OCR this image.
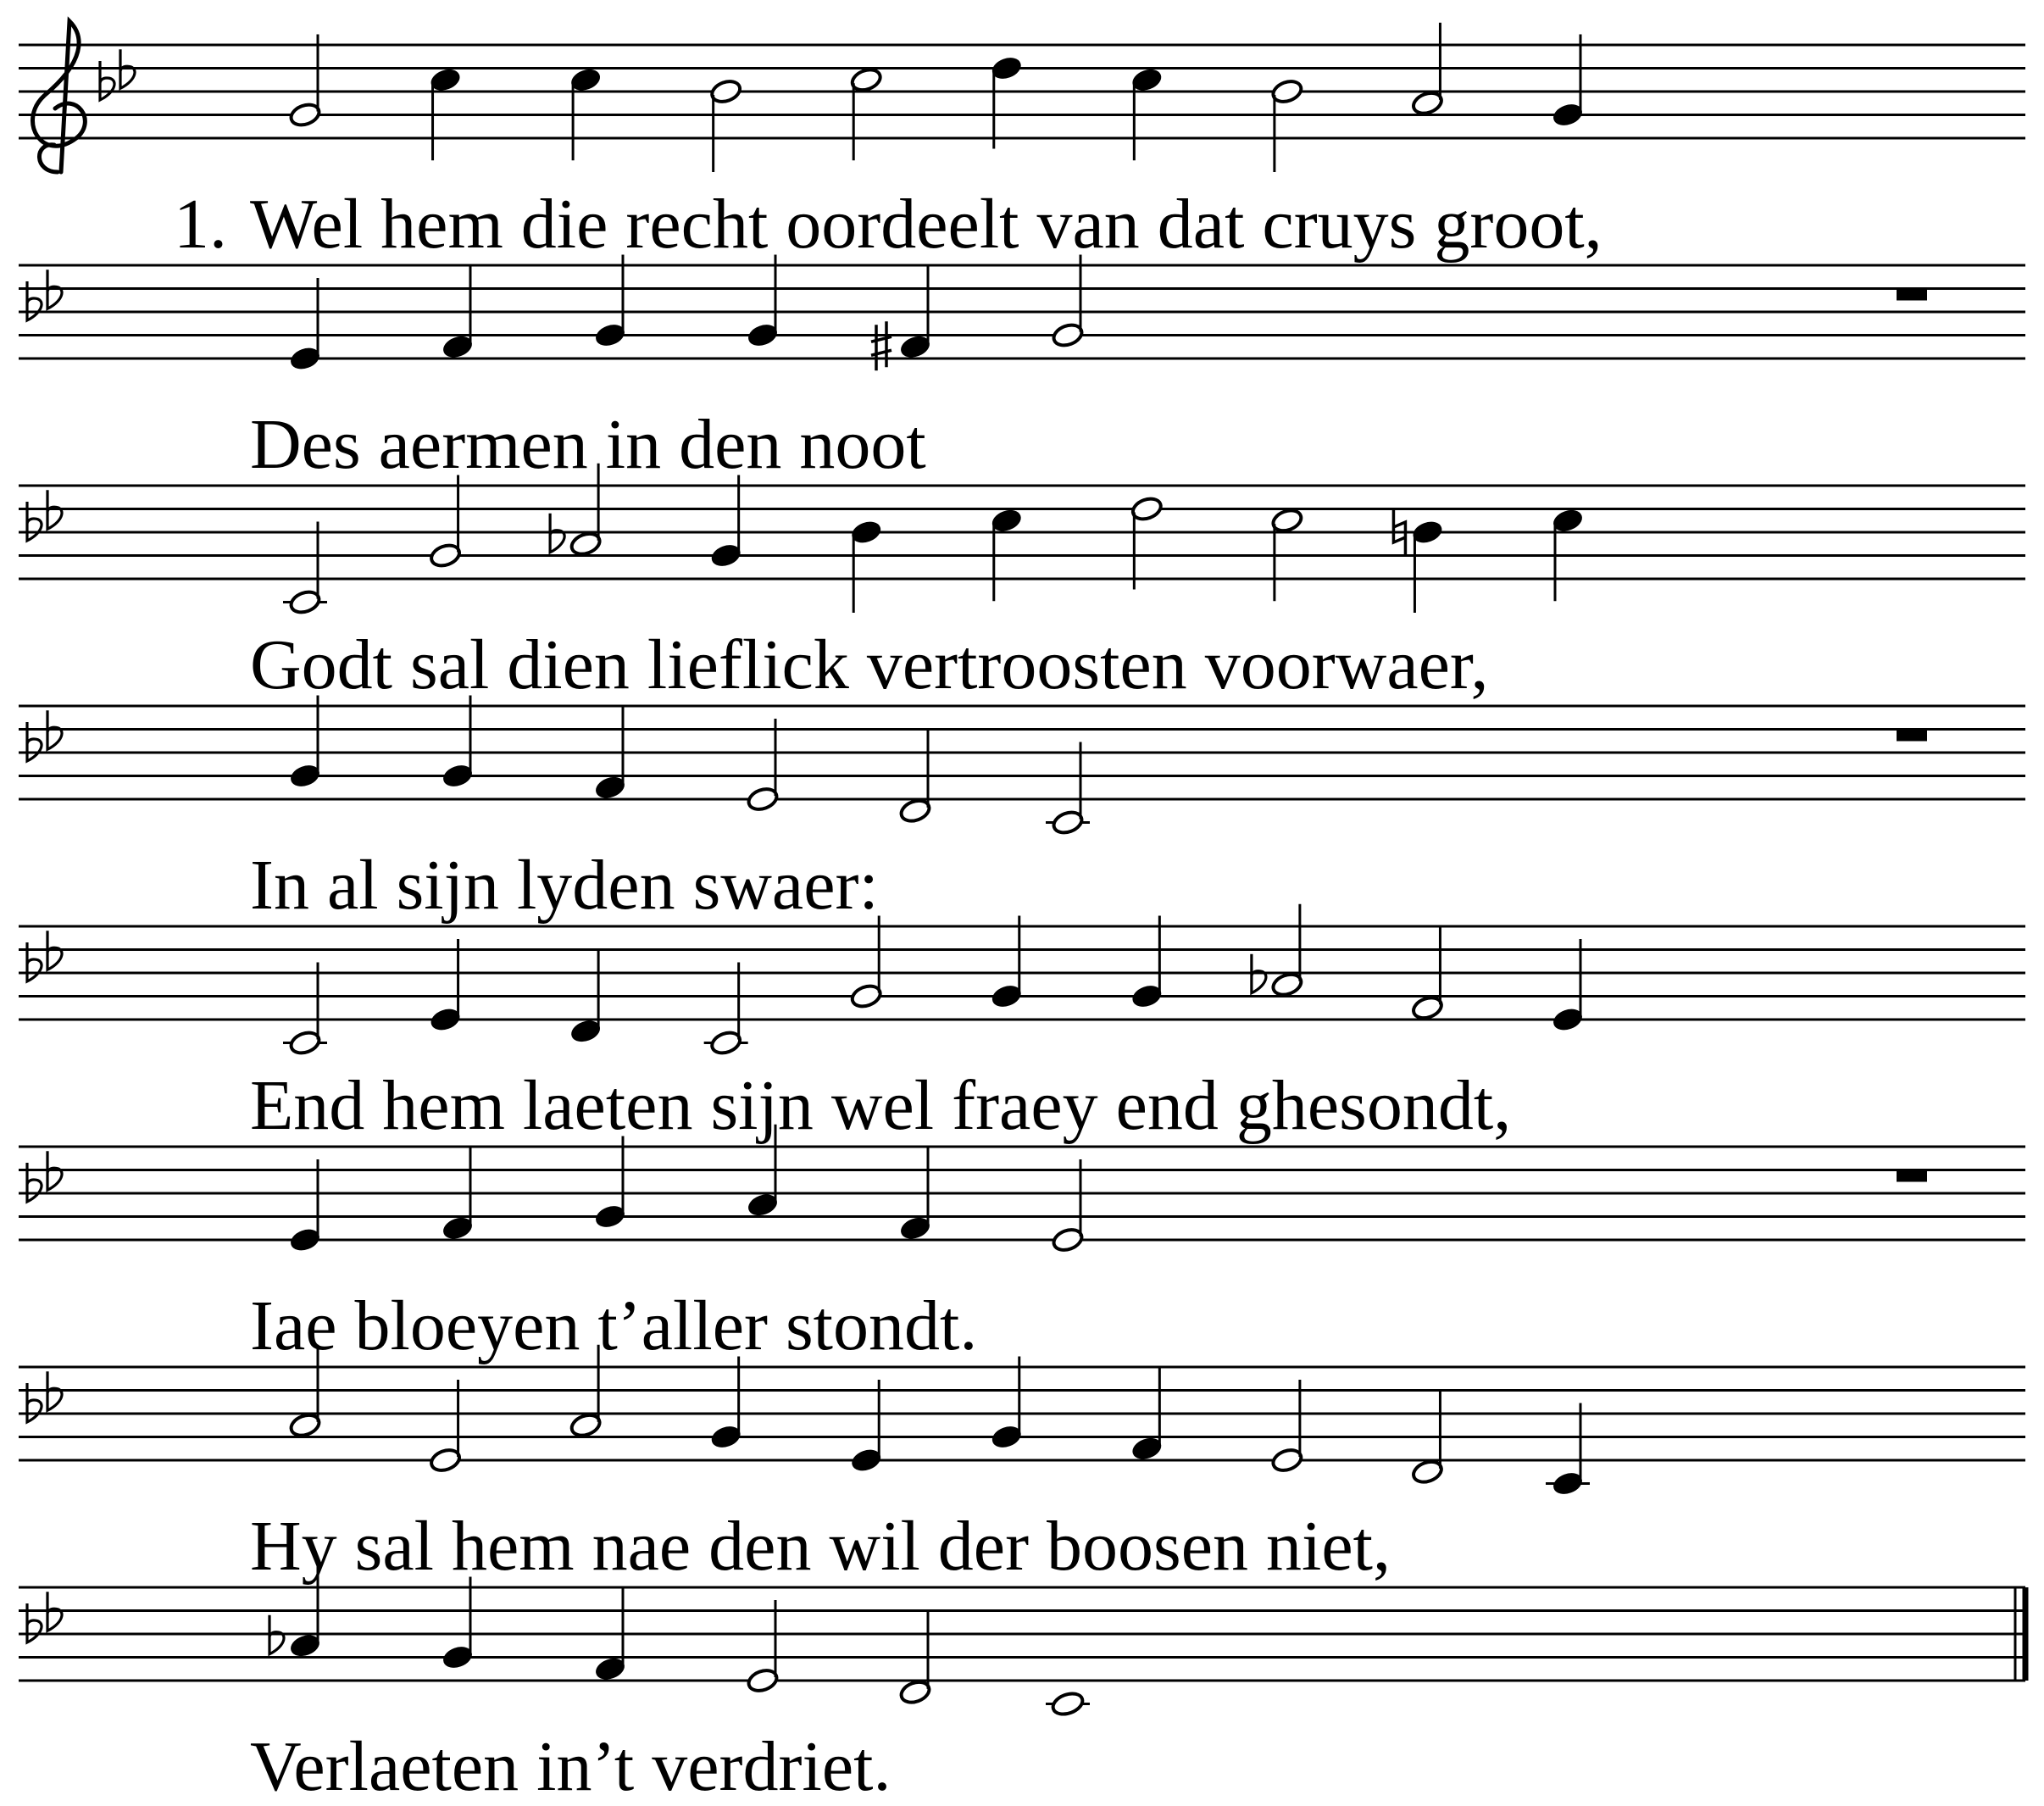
1. Wel hem die recht oordeelt van dat cruys groot,
Des aermen in den noot
Godt sal dien lieflick vertroosten voorwaer,
In al sijn lyden swaer:
End hem laeten sijn wel fraey end ghesondt,
Iae bloeyen t’aller stondt.
Hy sal hem nae den wil der boosen niet,
Verlaeten in’t verdriet.
